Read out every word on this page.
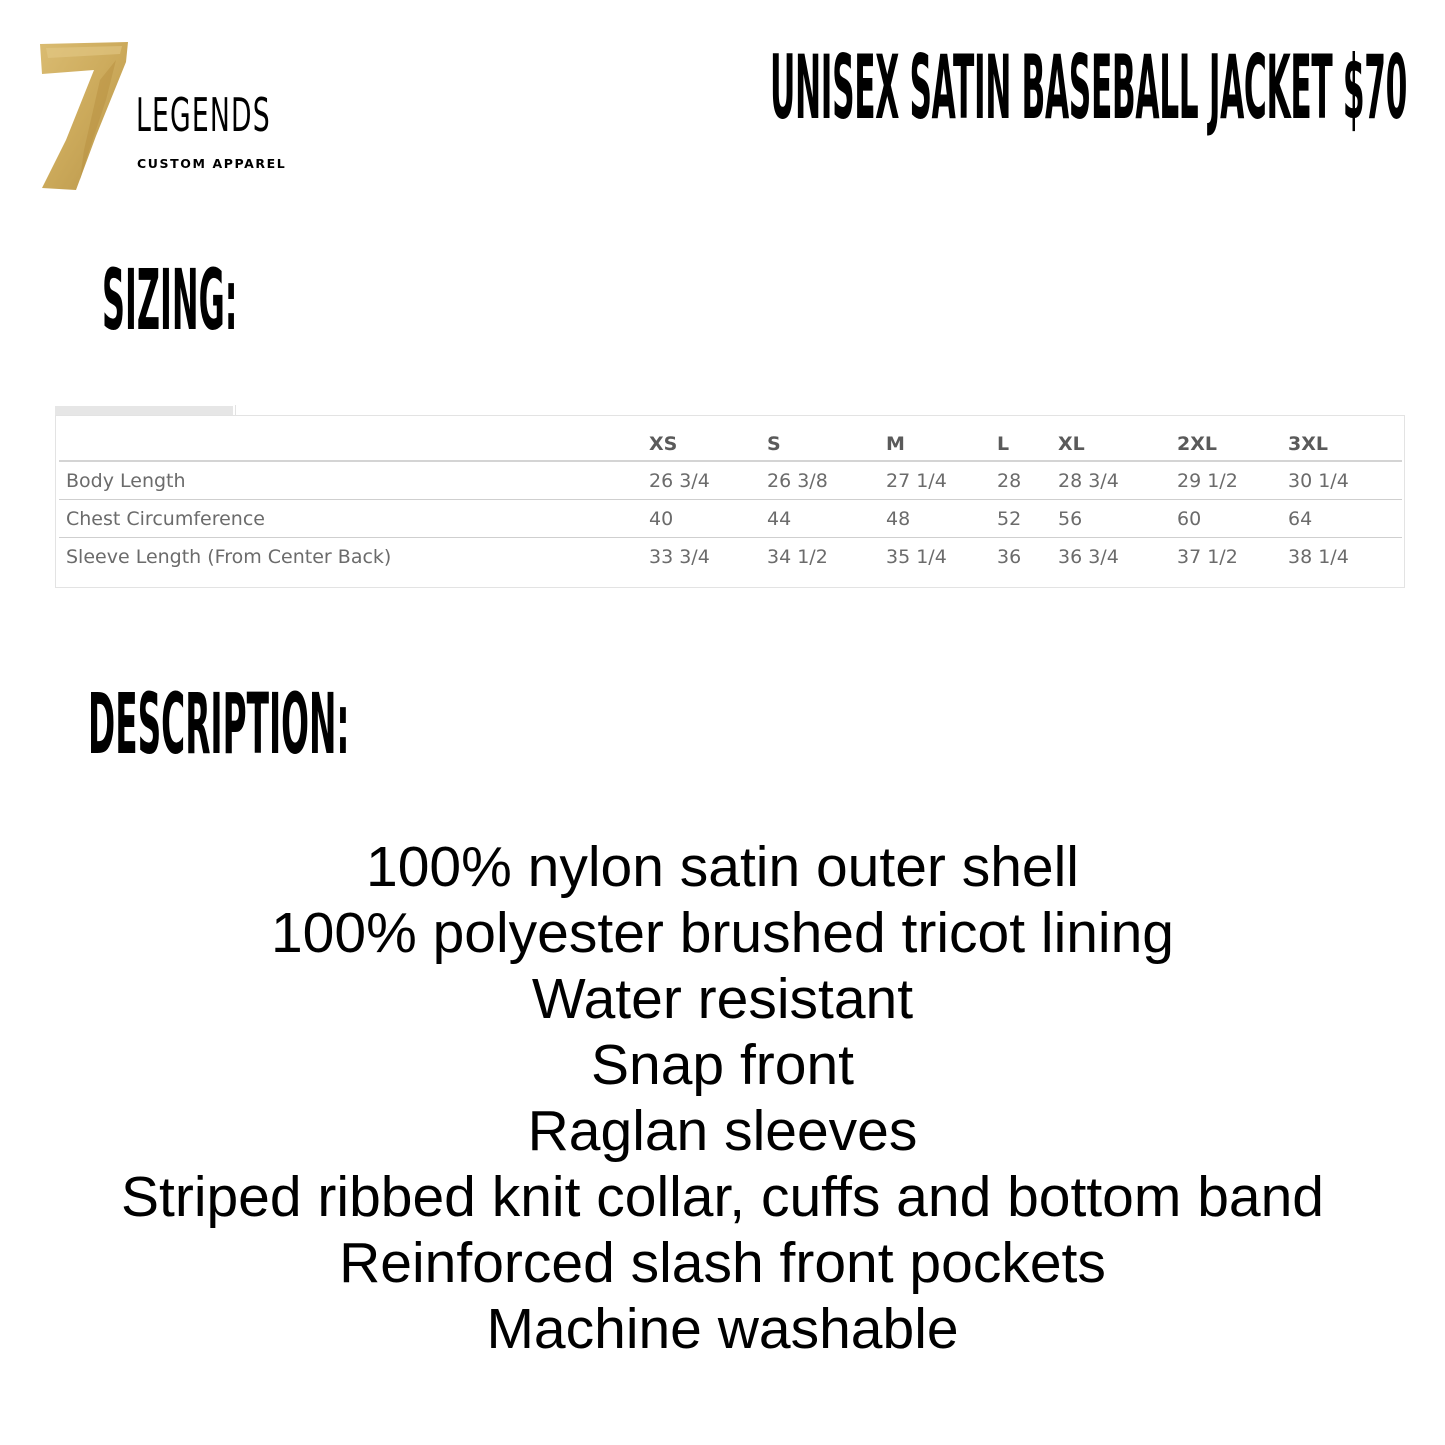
LEGENDS
CUSTOM APPAREL
UNISEX SATIN BASEBALL JACKET $70
SIZING:
	XS	S	M	L	XL	2XL	3XL
Body Length	26 3/4	26 3/8	27 1/4	28	28 3/4	29 1/2	30 1/4
Chest Circumference	40	44	48	52	56	60	64
Sleeve Length (From Center Back)	33 3/4	34 1/2	35 1/4	36	36 3/4	37 1/2	38 1/4
DESCRIPTION:
100% nylon satin outer shell
100% polyester brushed tricot lining
Water resistant
Snap front
Raglan sleeves
Striped ribbed knit collar, cuffs and bottom band
Reinforced slash front pockets
Machine washable
